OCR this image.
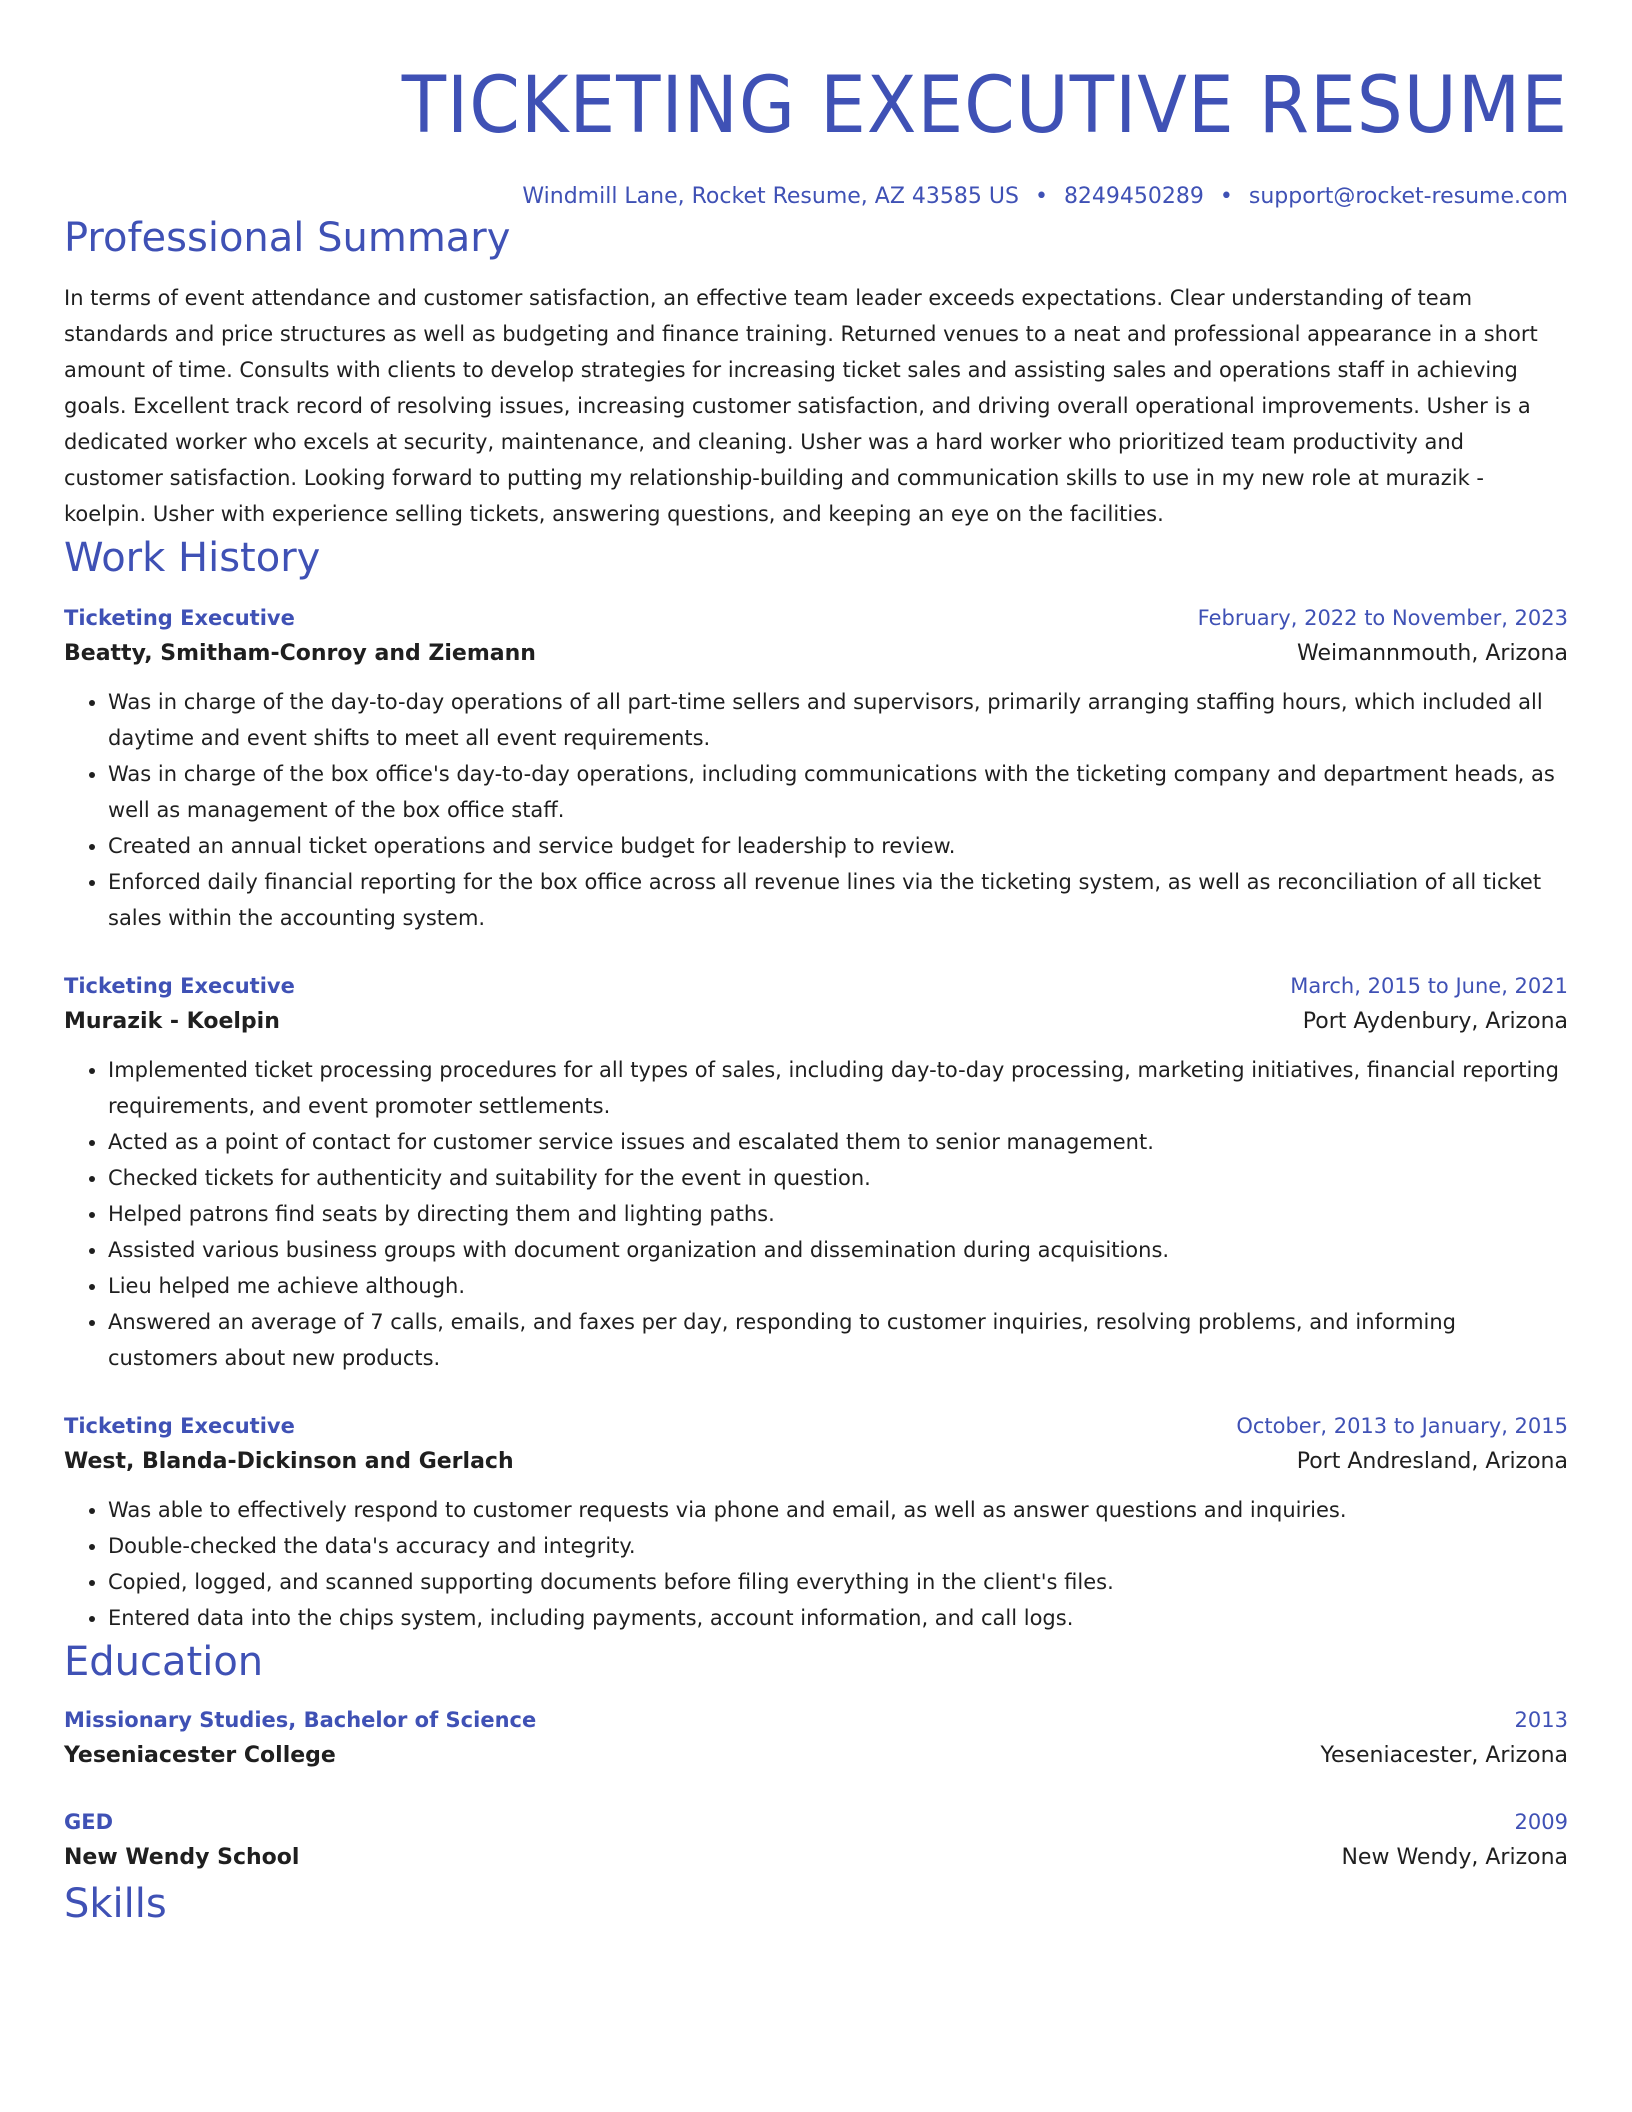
TICKETING EXECUTIVE RESUME
Windmill Lane, Rocket Resume, AZ 43585 US • 8249450289 • support@rocket-resume.com
Professional Summary

In terms of event attendance and customer satisfaction, an effective team leader exceeds expectations. Clear understanding of team standards and price structures as well as budgeting and finance training. Returned venues to a neat and professional appearance in a short amount of time. Consults with clients to develop strategies for increasing ticket sales and assisting sales and operations staff in achieving goals. Excellent track record of resolving issues, increasing customer satisfaction, and driving overall operational improvements. Usher is a dedicated worker who excels at security, maintenance, and cleaning. Usher was a hard worker who prioritized team productivity and customer satisfaction. Looking forward to putting my relationship-building and communication skills to use in my new role at murazik - koelpin. Usher with experience selling tickets, answering questions, and keeping an eye on the facilities.

Work History
Ticketing Executive	February, 2022 to November, 2023
Beatty, Smitham-Conroy and Ziemann	Weimannmouth, Arizona
• Was in charge of the day-to-day operations of all part-time sellers and supervisors, primarily arranging staffing hours, which included all daytime and event shifts to meet all event requirements.
• Was in charge of the box office's day-to-day operations, including communications with the ticketing company and department heads, as well as management of the box office staff.
• Created an annual ticket operations and service budget for leadership to review.
• Enforced daily financial reporting for the box office across all revenue lines via the ticketing system, as well as reconciliation of all ticket sales within the accounting system.
Ticketing Executive	March, 2015 to June, 2021
Murazik - Koelpin	Port Aydenbury, Arizona
• Implemented ticket processing procedures for all types of sales, including day-to-day processing, marketing initiatives, financial reporting requirements, and event promoter settlements.
• Acted as a point of contact for customer service issues and escalated them to senior management.
• Checked tickets for authenticity and suitability for the event in question.
• Helped patrons find seats by directing them and lighting paths.
• Assisted various business groups with document organization and dissemination during acquisitions.
• Lieu helped me achieve although.
• Answered an average of 7 calls, emails, and faxes per day, responding to customer inquiries, resolving problems, and informing customers about new products.
Ticketing Executive	October, 2013 to January, 2015
West, Blanda-Dickinson and Gerlach	Port Andresland, Arizona
• Was able to effectively respond to customer requests via phone and email, as well as answer questions and inquiries.
• Double-checked the data's accuracy and integrity.
• Copied, logged, and scanned supporting documents before filing everything in the client's files.
• Entered data into the chips system, including payments, account information, and call logs.
Education
Missionary Studies, Bachelor of Science	2013
Yeseniacester College	Yeseniacester, Arizona
GED	2009
New Wendy School	New Wendy, Arizona
Skills
